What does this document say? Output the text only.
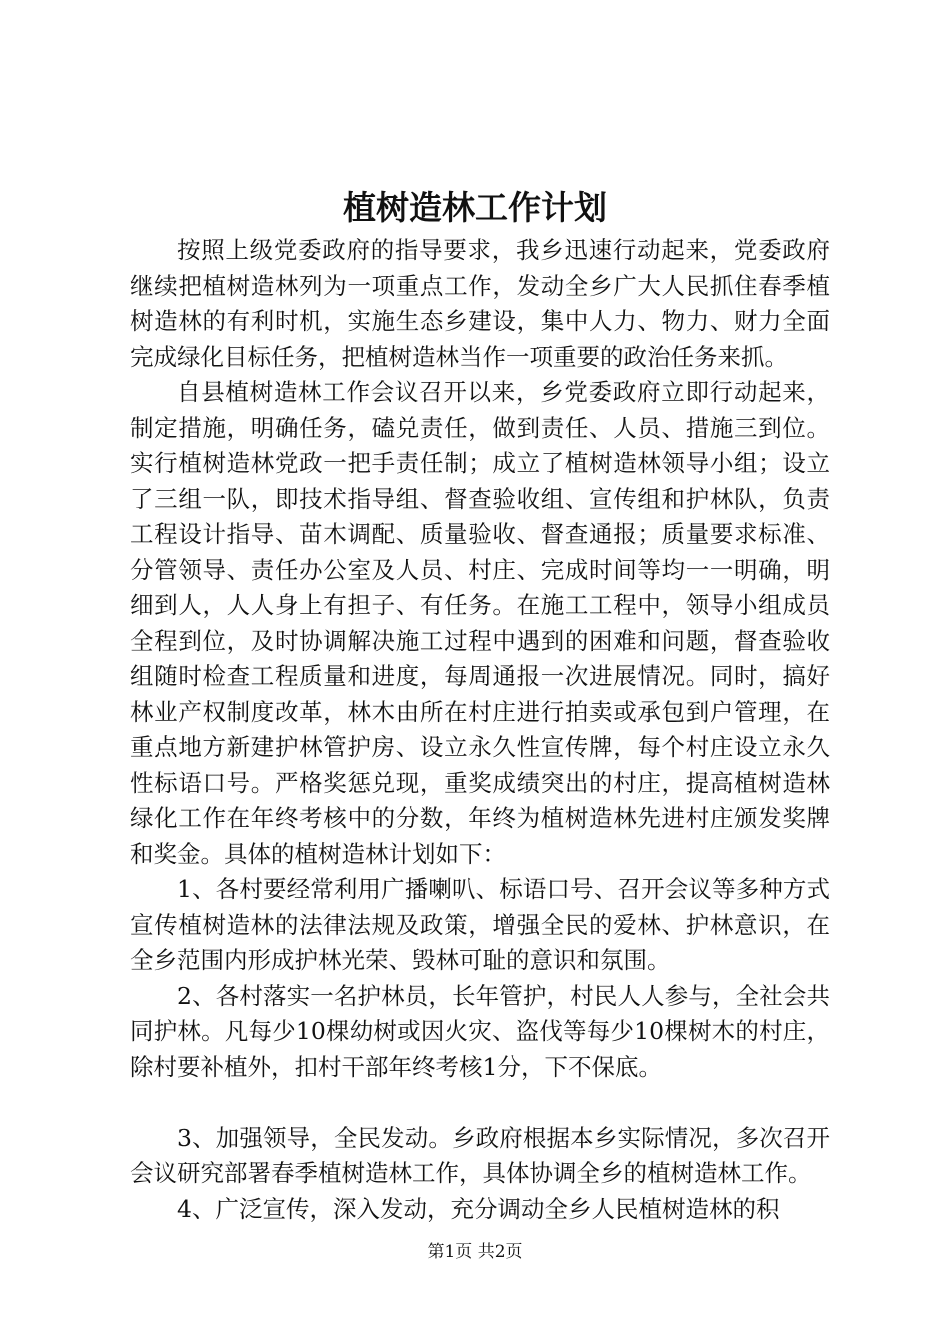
植树造林工作计划

按照上级党委政府的指导要求，我乡迅速行动起来，党委政府继续把植树造林列为一项重点工作，发动全乡广大人民抓住春季植树造林的有利时机，实施生态乡建设，集中人力、物力、财力全面完成绿化目标任务，把植树造林当作一项重要的政治任务来抓。

自县植树造林工作会议召开以来，乡党委政府立即行动起来，制定措施，明确任务，磕兑责任，做到责任、人员、措施三到位。实行植树造林党政一把手责任制；成立了植树造林领导小组；设立了三组一队，即技术指导组、督查验收组、宣传组和护林队，负责工程设计指导、苗木调配、质量验收、督查通报；质量要求标准、分管领导、责任办公室及人员、村庄、完成时间等均一一明确，明细到人，人人身上有担子、有任务。在施工工程中，领导小组成员全程到位，及时协调解决施工过程中遇到的困难和问题，督查验收组随时检查工程质量和进度，每周通报一次进展情况。同时，搞好林业产权制度改革，林木由所在村庄进行拍卖或承包到户管理，在重点地方新建护林管护房、设立永久性宣传牌，每个村庄设立永久性标语口号。严格奖惩兑现，重奖成绩突出的村庄，提高植树造林绿化工作在年终考核中的分数，年终为植树造林先进村庄颁发奖牌和奖金。具体的植树造林计划如下：

1、各村要经常利用广播喇叭、标语口号、召开会议等多种方式宣传植树造林的法律法规及政策，增强全民的爱林、护林意识，在全乡范围内形成护林光荣、毁林可耻的意识和氛围。

2、各村落实一名护林员，长年管护，村民人人参与，全社会共同护林。凡每少10棵幼树或因火灾、盗伐等每少10棵树木的村庄，除村要补植外，扣村干部年终考核1分，下不保底。

3、加强领导，全民发动。乡政府根据本乡实际情况，多次召开会议研究部署春季植树造林工作，具体协调全乡的植树造林工作。

4、广泛宣传，深入发动，充分调动全乡人民植树造林的积

第1页 共2页
